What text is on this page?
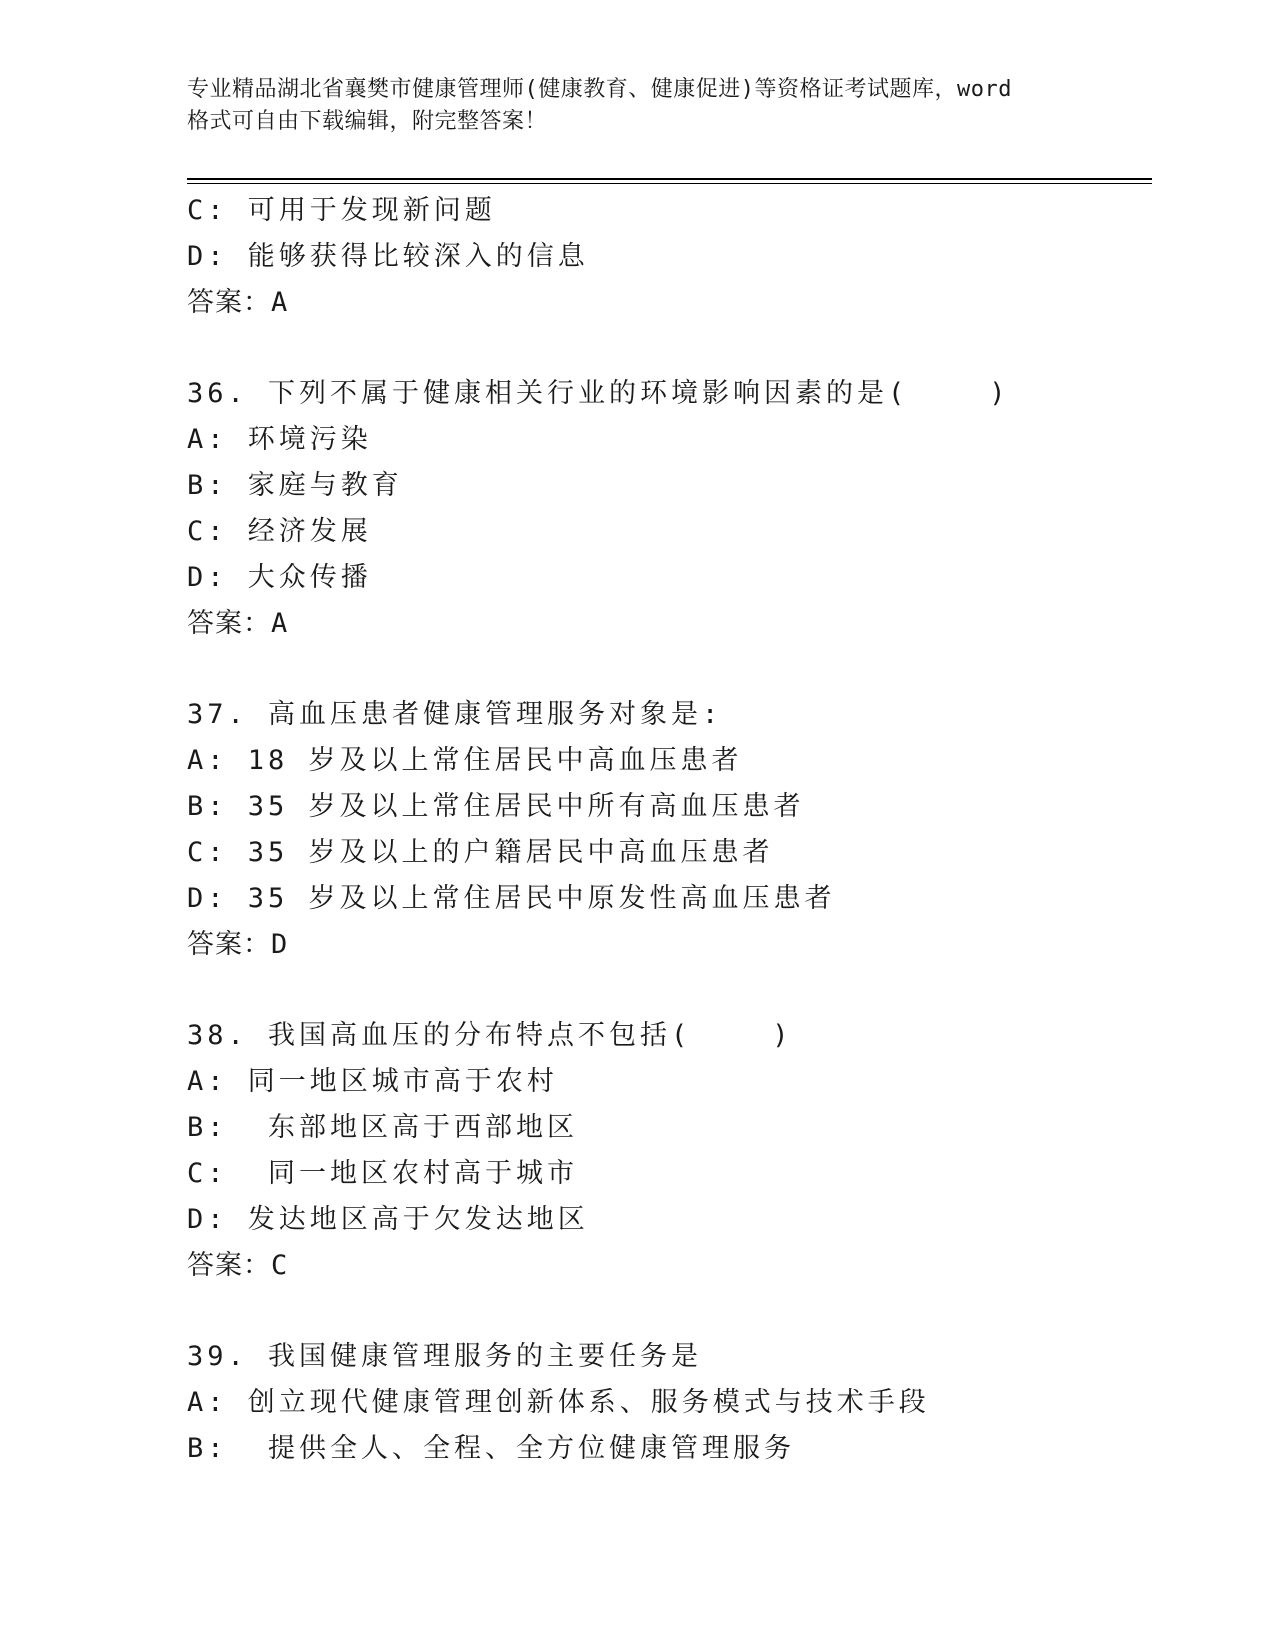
专业精品湖北省襄樊市健康管理师(健康教育、健康促进)等资格证考试题库，word
格式可自由下载编辑，附完整答案！
C: 可用于发现新问题
D: 能够获得比较深入的信息
答案：A
36. 下列不属于健康相关行业的环境影响因素的是(    )
A: 环境污染
B: 家庭与教育
C: 经济发展
D: 大众传播
答案：A
37. 高血压患者健康管理服务对象是:
A: 18 岁及以上常住居民中高血压患者
B: 35 岁及以上常住居民中所有高血压患者
C: 35 岁及以上的户籍居民中高血压患者
D: 35 岁及以上常住居民中原发性高血压患者
答案：D
38. 我国高血压的分布特点不包括(    )
A: 同一地区城市高于农村
B:  东部地区高于西部地区
C:  同一地区农村高于城市
D: 发达地区高于欠发达地区
答案：C
39. 我国健康管理服务的主要任务是
A: 创立现代健康管理创新体系、服务模式与技术手段
B:  提供全人、全程、全方位健康管理服务
